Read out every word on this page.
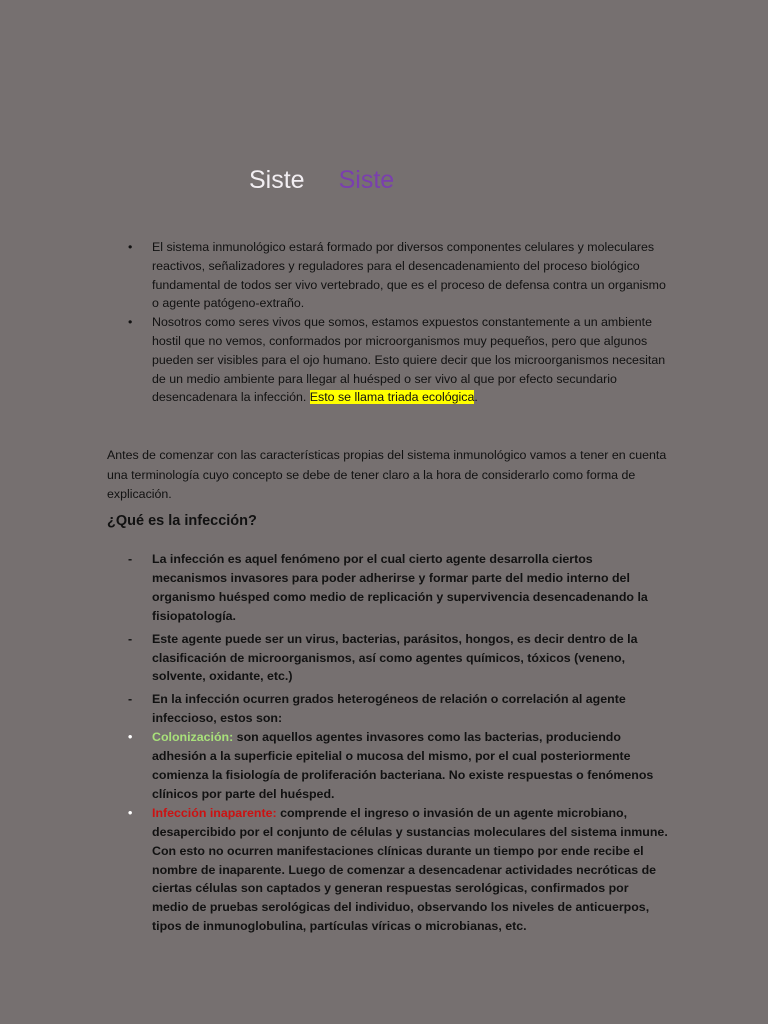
Siste Siste
• El sistema inmunológico estará formado por diversos componentes celulares y moleculares reactivos, señalizadores y reguladores para el desencadenamiento del proceso biológico fundamental de todos ser vivo vertebrado, que es el proceso de defensa contra un organismo o agente patógeno-extraño.
• Nosotros como seres vivos que somos, estamos expuestos constantemente a un ambiente hostil que no vemos, conformados por microorganismos muy pequeños, pero que algunos pueden ser visibles para el ojo humano. Esto quiere decir que los microorganismos necesitan de un medio ambiente para llegar al huésped o ser vivo al que por efecto secundario desencadenara la infección. Esto se llama triada ecológica.

Antes de comenzar con las características propias del sistema inmunológico vamos a tener en cuenta una terminología cuyo concepto se debe de tener claro a la hora de considerarlo como forma de explicación.

¿Qué es la infección?
- La infección es aquel fenómeno por el cual cierto agente desarrolla ciertos mecanismos invasores para poder adherirse y formar parte del medio interno del organismo huésped como medio de replicación y supervivencia desencadenando la fisiopatología.
- Este agente puede ser un virus, bacterias, parásitos, hongos, es decir dentro de la clasificación de microorganismos, así como agentes químicos, tóxicos (veneno, solvente, oxidante, etc.)
- En la infección ocurren grados heterogéneos de relación o correlación al agente infeccioso, estos son:
• Colonización: son aquellos agentes invasores como las bacterias, produciendo adhesión a la superficie epitelial o mucosa del mismo, por el cual posteriormente comienza la fisiología de proliferación bacteriana. No existe respuestas o fenómenos clínicos por parte del huésped.
• Infección inaparente: comprende el ingreso o invasión de un agente microbiano, desapercibido por el conjunto de células y sustancias moleculares del sistema inmune. Con esto no ocurren manifestaciones clínicas durante un tiempo por ende recibe el nombre de inaparente. Luego de comenzar a desencadenar actividades necróticas de ciertas células son captados y generan respuestas serológicas, confirmados por medio de pruebas serológicas del individuo, observando los niveles de anticuerpos, tipos de inmunoglobulina, partículas víricas o microbianas, etc.
